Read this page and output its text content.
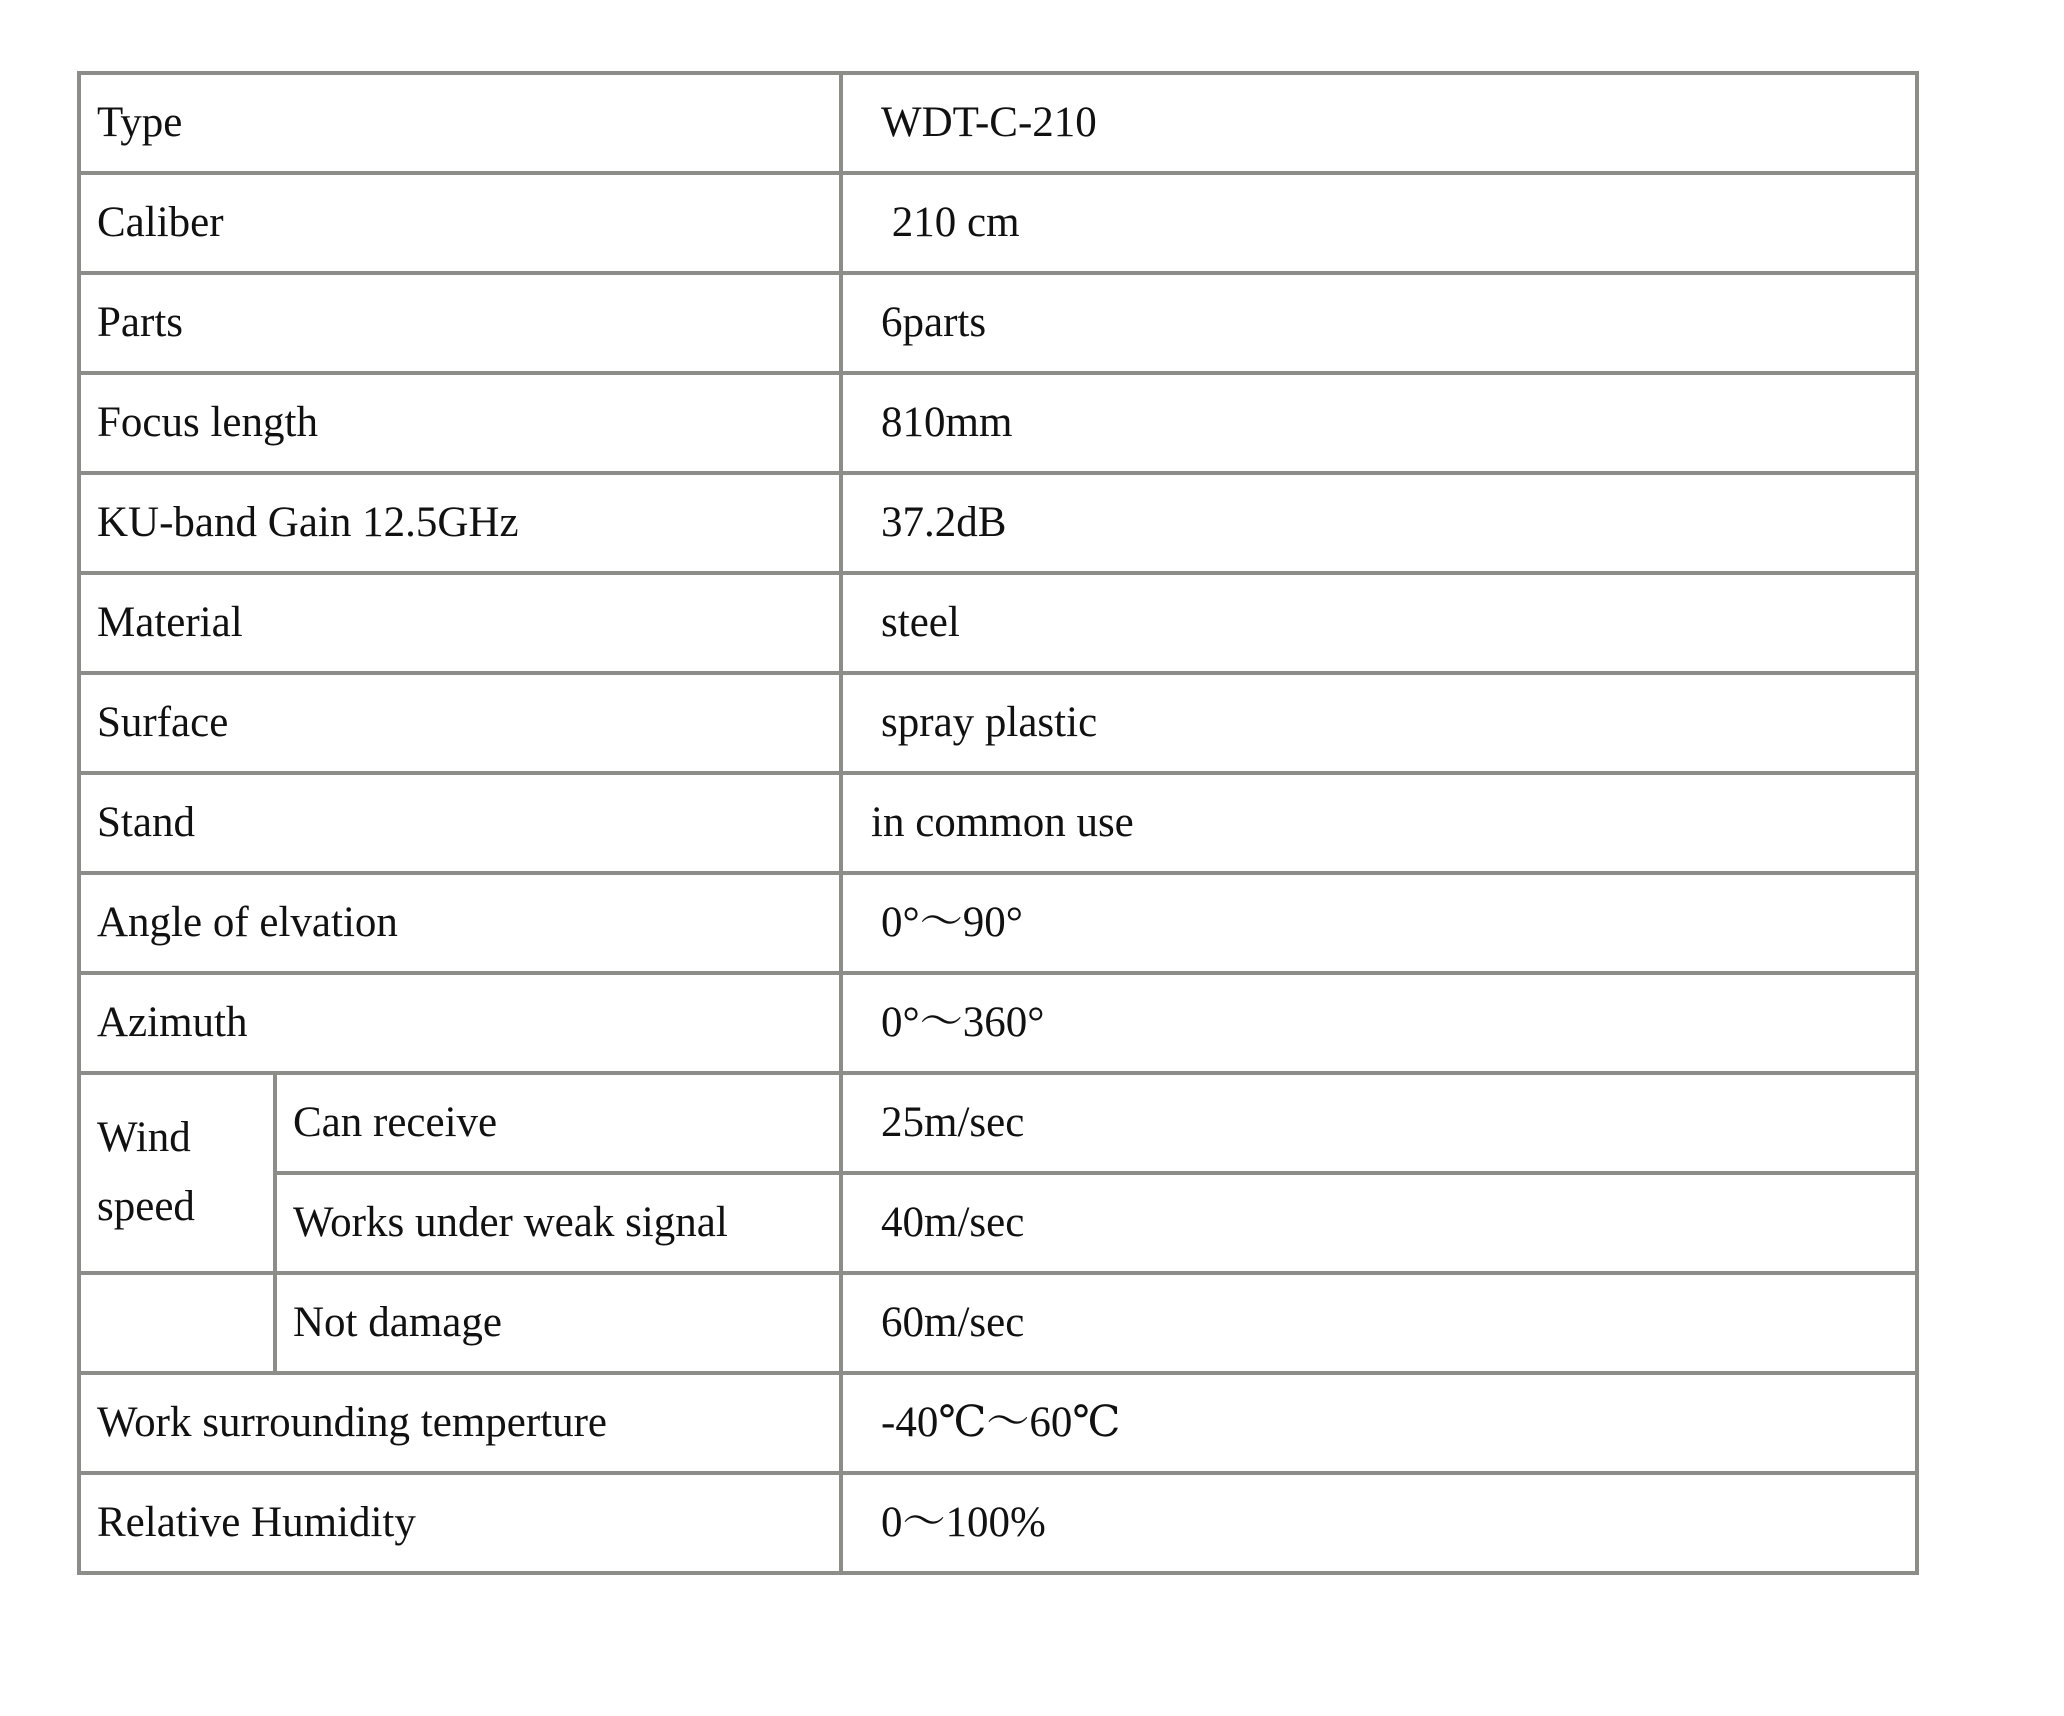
Type		WDT-C-210
Caliber		210 cm
Parts		6parts
Focus length		810mm
KU-band Gain 12.5GHz		37.2dB
Material		steel
Surface		spray plastic
Stand		in common use
Angle of elvation		0°～90°
Azimuth		0°～360°
Wind
speed	Can receive	25m/sec
	Works under weak signal	40m/sec
	Not damage	60m/sec
Work surrounding temperture		-40℃～60℃
Relative Humidity		0～100%
